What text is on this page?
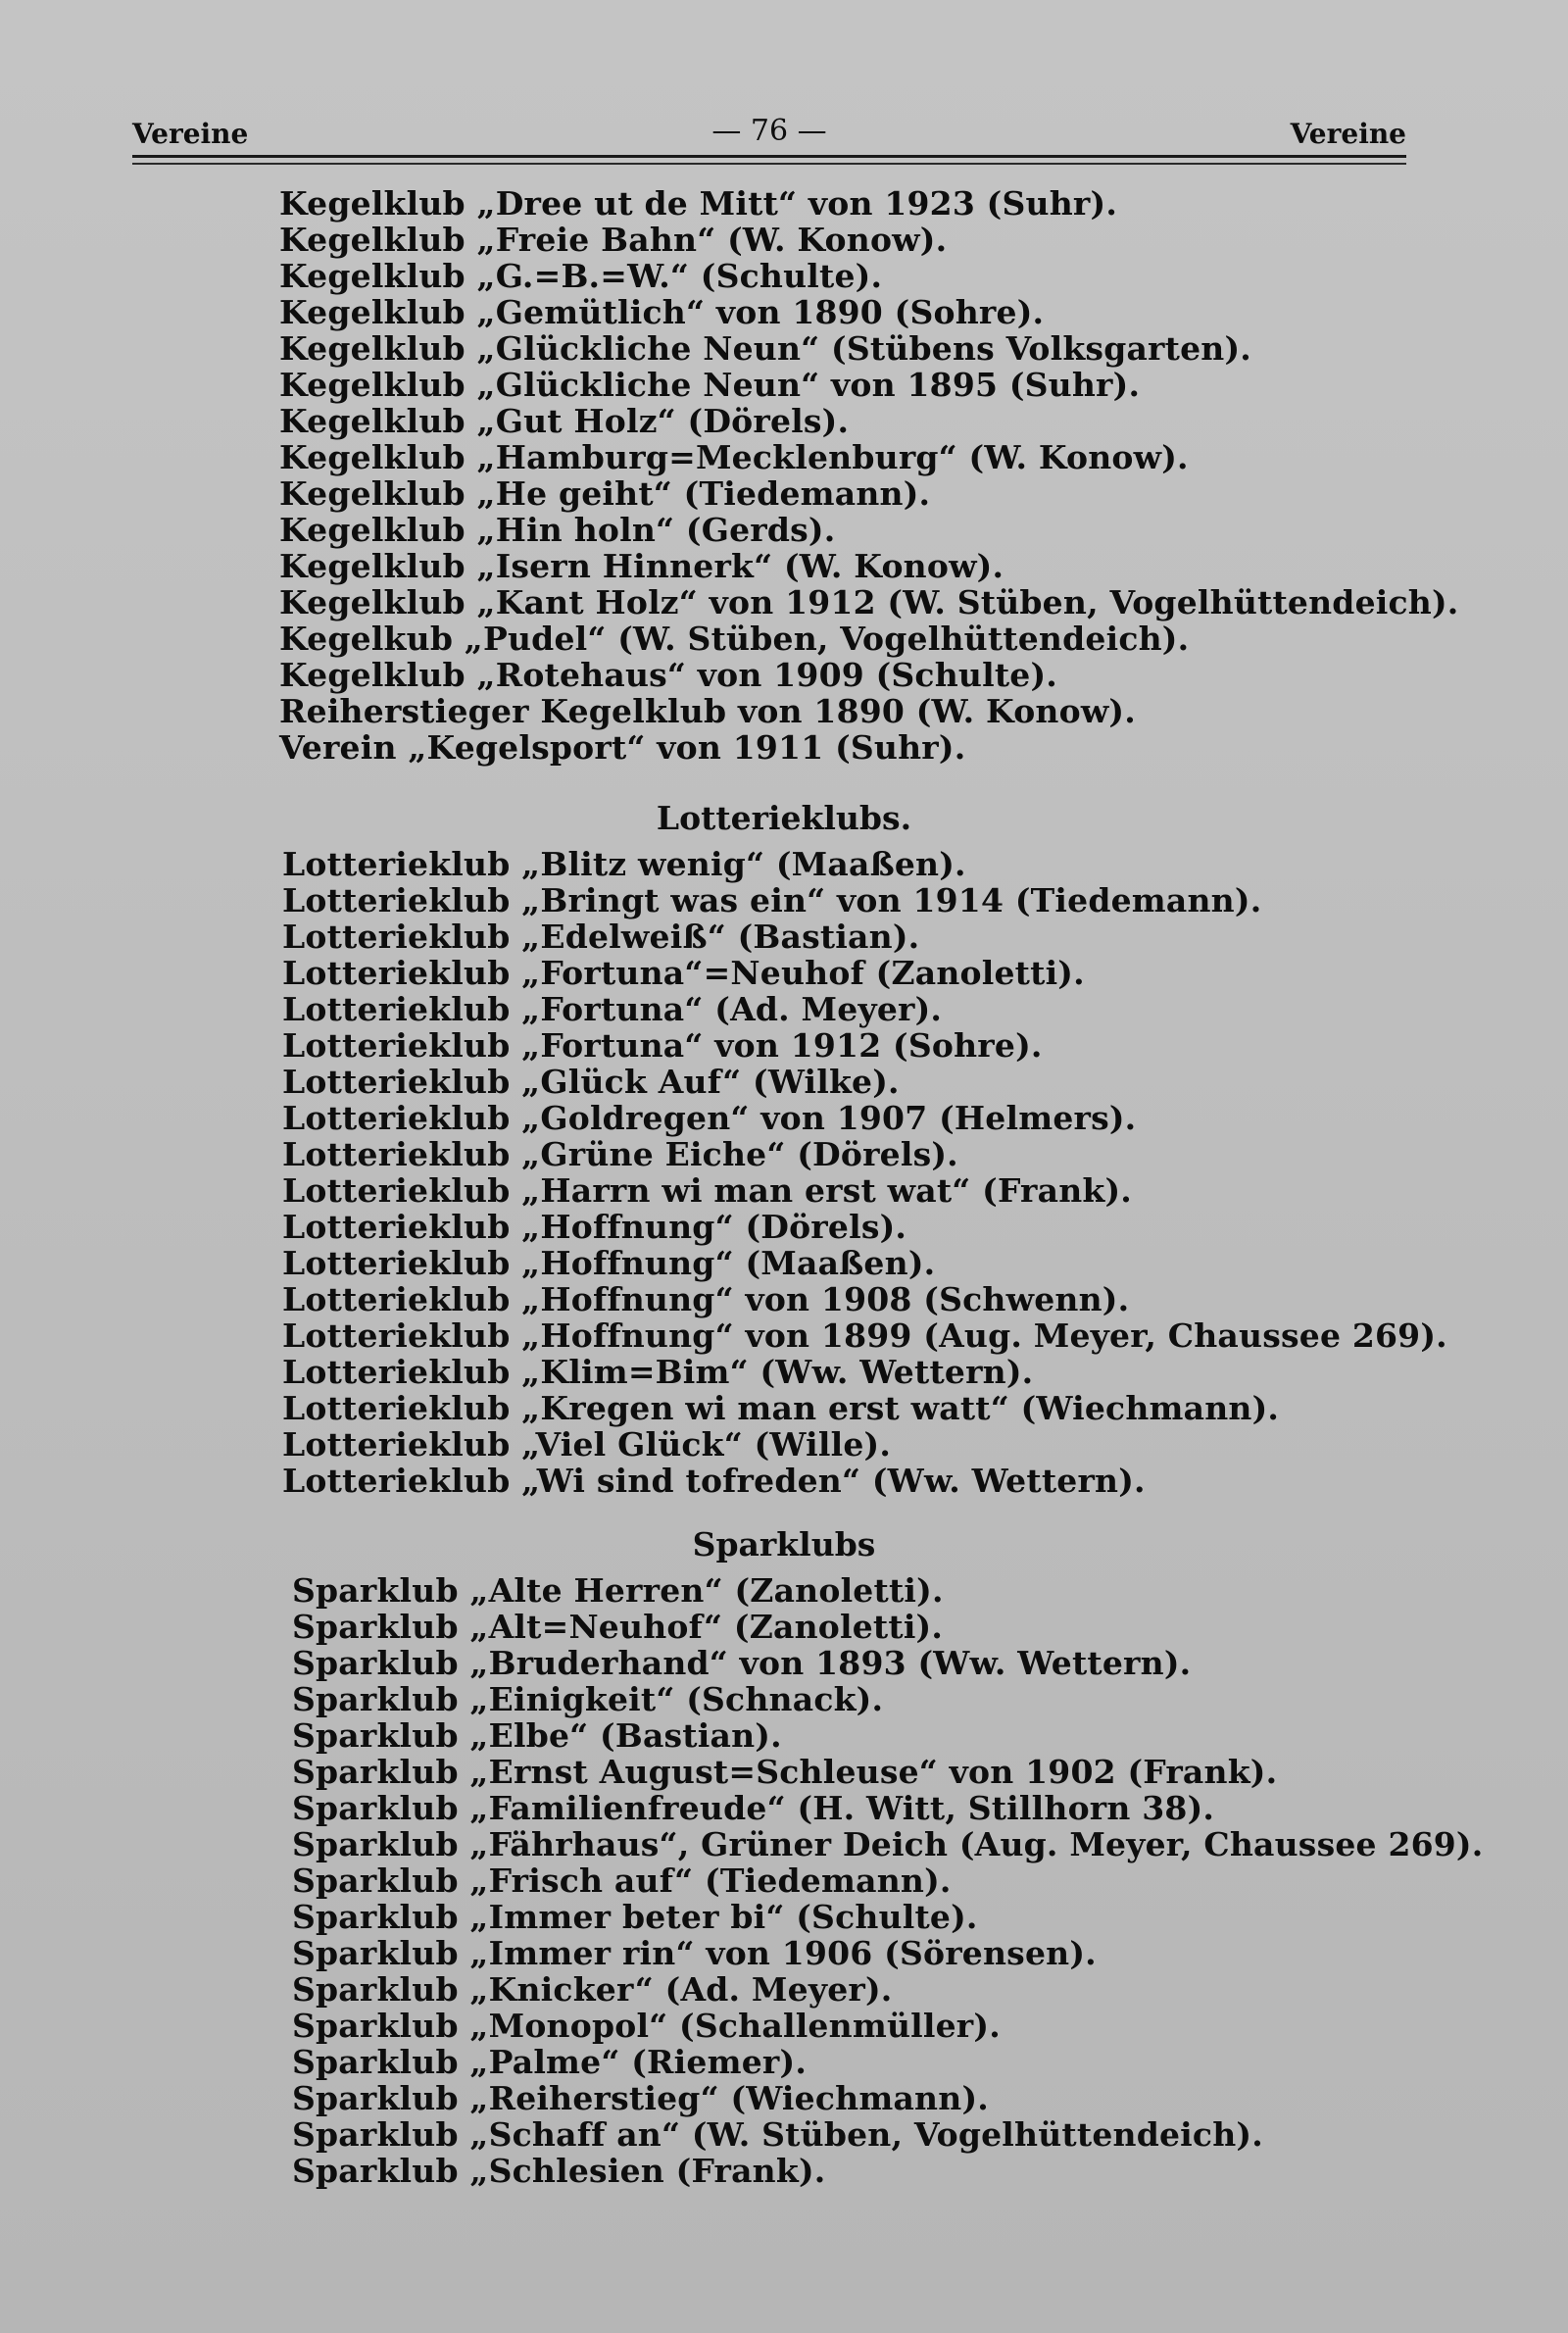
Vereine	— 76 —	Vereine
Kegelklub „Dree ut de Mitt“ von 1923 (Suhr).
Kegelklub „Freie Bahn“ (W. Konow).
Kegelklub „G.=B.=W.“ (Schulte).
Kegelklub „Gemütlich“ von 1890 (Sohre).
Kegelklub „Glückliche Neun“ (Stübens Volksgarten).
Kegelklub „Glückliche Neun“ von 1895 (Suhr).
Kegelklub „Gut Holz“ (Dörels).
Kegelklub „Hamburg=Mecklenburg“ (W. Konow).
Kegelklub „He geiht“ (Tiedemann).
Kegelklub „Hin holn“ (Gerds).
Kegelklub „Isern Hinnerk“ (W. Konow).
Kegelklub „Kant Holz“ von 1912 (W. Stüben, Vogelhüttendeich).
Kegelkub „Pudel“ (W. Stüben, Vogelhüttendeich).
Kegelklub „Rotehaus“ von 1909 (Schulte).
Reiherstieger Kegelklub von 1890 (W. Konow).
Verein „Kegelsport“ von 1911 (Suhr).
Lotterieklubs.
Lotterieklub „Blitz wenig“ (Maaßen).
Lotterieklub „Bringt was ein“ von 1914 (Tiedemann).
Lotterieklub „Edelweiß“ (Bastian).
Lotterieklub „Fortuna“=Neuhof (Zanoletti).
Lotterieklub „Fortuna“ (Ad. Meyer).
Lotterieklub „Fortuna“ von 1912 (Sohre).
Lotterieklub „Glück Auf“ (Wilke).
Lotterieklub „Goldregen“ von 1907 (Helmers).
Lotterieklub „Grüne Eiche“ (Dörels).
Lotterieklub „Harrn wi man erst wat“ (Frank).
Lotterieklub „Hoffnung“ (Dörels).
Lotterieklub „Hoffnung“ (Maaßen).
Lotterieklub „Hoffnung“ von 1908 (Schwenn).
Lotterieklub „Hoffnung“ von 1899 (Aug. Meyer, Chaussee 269).
Lotterieklub „Klim=Bim“ (Ww. Wettern).
Lotterieklub „Kregen wi man erst watt“ (Wiechmann).
Lotterieklub „Viel Glück“ (Wille).
Lotterieklub „Wi sind tofreden“ (Ww. Wettern).
Sparklubs
Sparklub „Alte Herren“ (Zanoletti).
Sparklub „Alt=Neuhof“ (Zanoletti).
Sparklub „Bruderhand“ von 1893 (Ww. Wettern).
Sparklub „Einigkeit“ (Schnack).
Sparklub „Elbe“ (Bastian).
Sparklub „Ernst August=Schleuse“ von 1902 (Frank).
Sparklub „Familienfreude“ (H. Witt, Stillhorn 38).
Sparklub „Fährhaus“, Grüner Deich (Aug. Meyer, Chaussee 269).
Sparklub „Frisch auf“ (Tiedemann).
Sparklub „Immer beter bi“ (Schulte).
Sparklub „Immer rin“ von 1906 (Sörensen).
Sparklub „Knicker“ (Ad. Meyer).
Sparklub „Monopol“ (Schallenmüller).
Sparklub „Palme“ (Riemer).
Sparklub „Reiherstieg“ (Wiechmann).
Sparklub „Schaff an“ (W. Stüben, Vogelhüttendeich).
Sparklub „Schlesien (Frank).
